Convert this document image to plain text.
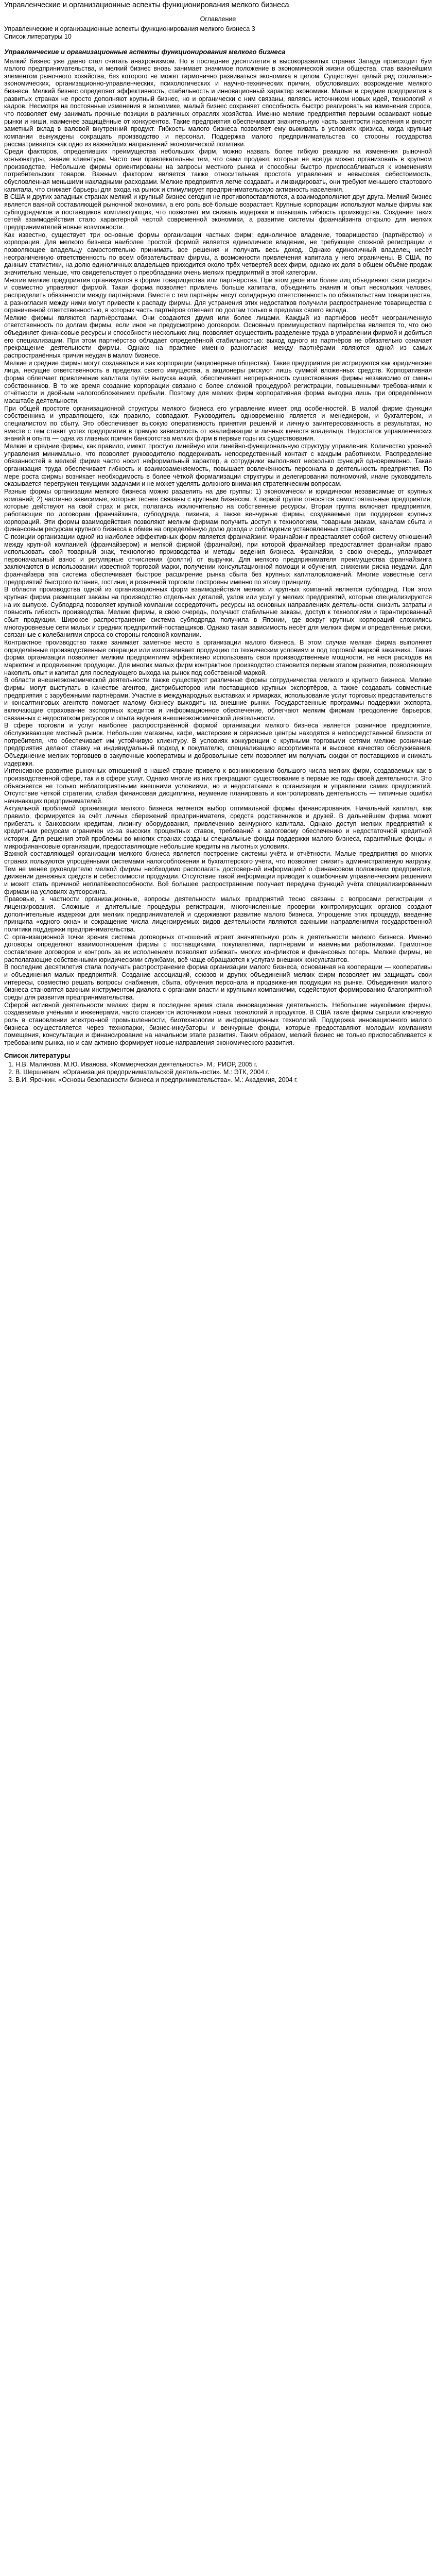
Управленческие и организационные аспекты функционирования мелкого бизнеса
Оглавление
Управленческие и организационные аспекты функционирования мелкого бизнеса 3
Список литературы 10
Управленческие и организационные аспекты функционирования мелкого бизнеса

Мелкий бизнес уже давно стал считать анахронизмом. Но в последние десятилетия в высокоразвитых странах Запада происходит бум малого предпринимательства, и мелкий бизнес вновь занимает значимое положение в экономической жизни общества, став важнейшим элементом рыночного хозяйства, без которого не может гармонично развиваться экономика в целом. Существует целый ряд социально-экономических, организационно-управленческих, психологических и научно-технических причин, обусловивших возрождение мелкого бизнеса. Мелкий бизнес определяет эффективность, стабильность и инновационный характер экономики. Малые и средние предприятия в развитых странах не просто дополняют крупный бизнес, но и органически с ним связаны, являясь источником новых идей, технологий и кадров. Несмотря на постоянные изменения в экономике, малый бизнес сохраняет способность быстро реагировать на изменения спроса, что позволяет ему занимать прочные позиции в различных отраслях хозяйства. Именно мелкие предприятия первыми осваивают новые рынки и ниши, наименее защищённые от конкурентов. Такие предприятия обеспечивают значительную часть занятости населения и вносят заметный вклад в валовой внутренний продукт. Гибкость малого бизнеса позволяет ему выживать в условиях кризиса, когда крупные компании вынуждены сокращать производство и персонал. Поддержка малого предпринимательства со стороны государства рассматривается как одно из важнейших направлений экономической политики.

Среди факторов, определивших преимущества небольших фирм, можно назвать более гибкую реакцию на изменения рыночной конъюнктуры, знание клиентуры. Часто они привлекательны тем, что сами продают, которые не всегда можно организовать в крупном производстве. Небольшие фирмы ориентированы на запросы местного рынка и способны быстро приспосабливаться к изменениям потребительских товаров. Важным фактором является также относительная простота управления и невысокая себестоимость, обусловленная меньшими накладными расходами. Мелкие предприятия легче создавать и ликвидировать, они требуют меньшего стартового капитала, что снижает барьеры для входа на рынок и стимулирует предпринимательскую активность населения.

В США и других западных странах мелкий и крупный бизнес сегодня не противопоставляются, а взаимодополняют друг друга. Мелкий бизнес является важной составляющей рыночной экономики, а его роль всё больше возрастает. Крупные корпорации используют малые фирмы как субподрядчиков и поставщиков комплектующих, что позволяет им снижать издержки и повышать гибкость производства. Создание таких сетей взаимодействия стало характерной чертой современной экономики, а развитие системы франчайзинга открыло для мелких предпринимателей новые возможности.

Как известно, существует три основные формы организации частных фирм: единоличное владение, товарищество (партнёрство) и корпорация. Для мелкого бизнеса наиболее простой формой является единоличное владение, не требующее сложной регистрации и позволяющее владельцу самостоятельно принимать все решения и получать весь доход. Однако единоличный владелец несёт неограниченную ответственность по всем обязательствам фирмы, а возможности привлечения капитала у него ограничены. В США, по данным статистики, на долю единоличных владельцев приходится около трёх четвертей всех фирм, однако их доля в общем объёме продаж значительно меньше, что свидетельствует о преобладании очень мелких предприятий в этой категории.

Многие мелкие предприятия организуются в форме товарищества или партнёрства. При этом двое или более лиц объединяют свои ресурсы и совместно управляют фирмой. Такая форма позволяет привлечь больше капитала, объединить знания и опыт нескольких человек, распределить обязанности между партнёрами. Вместе с тем партнёры несут солидарную ответственность по обязательствам товарищества, а разногласия между ними могут привести к распаду фирмы. Для устранения этих недостатков получили распространение товарищества с ограниченной ответственностью, в которых часть партнёров отвечает по долгам только в пределах своего вклада.

Мелкие фирмы являются партнёрствами. Они создаются двумя или более лицами. Каждый из партнёров несёт неограниченную ответственность по долгам фирмы, если иное не предусмотрено договором. Основным преимуществом партнёрства является то, что оно объединяет финансовые ресурсы и способности нескольких лиц, позволяет осуществить разделение труда в управлении фирмой и добиться его специализации. При этом партнёрство обладает определённой стабильностью: выход одного из партнёров не обязательно означает прекращение деятельности фирмы. Однако на практике именно разногласия между партнёрами являются одной из самых распространённых причин неудач в малом бизнесе.

Мелкие и средние фирмы могут создаваться и как корпорации (акционерные общества). Такие предприятия регистрируются как юридические лица, несущие ответственность в пределах своего имущества, а акционеры рискуют лишь суммой вложенных средств. Корпоративная форма облегчает привлечение капитала путём выпуска акций, обеспечивает непрерывность существования фирмы независимо от смены собственников. В то же время создание корпорации связано с более сложной процедурой регистрации, повышенными требованиями к отчётности и двойным налогообложением прибыли. Поэтому для мелких фирм корпоративная форма выгодна лишь при определённом масштабе деятельности.

При общей простоте организационной структуры мелкого бизнеса его управление имеет ряд особенностей. В малой фирме функции собственника и управляющего, как правило, совпадают. Руководитель одновременно является и менеджером, и бухгалтером, и специалистом по сбыту. Это обеспечивает высокую оперативность принятия решений и личную заинтересованность в результатах, но вместе с тем ставит успех предприятия в прямую зависимость от квалификации и личных качеств владельца. Недостаток управленческих знаний и опыта — одна из главных причин банкротства мелких фирм в первые годы их существования.

Мелкие и средние фирмы, как правило, имеют простую линейную или линейно-функциональную структуру управления. Количество уровней управления минимально, что позволяет руководителю поддерживать непосредственный контакт с каждым работником. Распределение обязанностей в мелкой фирме часто носит неформальный характер, а сотрудники выполняют несколько функций одновременно. Такая организация труда обеспечивает гибкость и взаимозаменяемость, повышает вовлечённость персонала в деятельность предприятия. По мере роста фирмы возникает необходимость в более чёткой формализации структуры и делегировании полномочий, иначе руководитель оказывается перегружен текущими задачами и не может уделять должного внимания стратегическим вопросам.

Разные формы организации мелкого бизнеса можно разделить на две группы: 1) экономически и юридически независимые от крупных компаний; 2) частично зависимые, которые теснее связаны с крупным бизнесом. К первой группе относятся самостоятельные предприятия, которые действуют на свой страх и риск, полагаясь исключительно на собственные ресурсы. Вторая группа включает предприятия, работающие по договорам франчайзинга, субподряда, лизинга, а также венчурные фирмы, создаваемые при поддержке крупных корпораций. Эти формы взаимодействия позволяют мелким фирмам получить доступ к технологиям, товарным знакам, каналам сбыта и финансовым ресурсам крупного бизнеса в обмен на определённую долю дохода и соблюдение установленных стандартов.

С позиции организации одной из наиболее эффективных форм является франчайзинг. Франчайзинг представляет собой систему отношений между крупной компанией (франчайзером) и мелкой фирмой (франчайзи), при которой франчайзер предоставляет франчайзи право использовать свой товарный знак, технологию производства и методы ведения бизнеса. Франчайзи, в свою очередь, уплачивает первоначальный взнос и регулярные отчисления (роялти) от выручки. Для мелкого предпринимателя преимущества франчайзинга заключаются в использовании известной торговой марки, получении консультационной помощи и обучения, снижении риска неудачи. Для франчайзера эта система обеспечивает быстрое расширение рынка сбыта без крупных капиталовложений. Многие известные сети предприятий быстрого питания, гостиниц и розничной торговли построены именно по этому принципу.

В области производства одной из организационных форм взаимодействия мелких и крупных компаний является субподряд. При этом крупная фирма размещает заказы на производство отдельных деталей, узлов или услуг у мелких предприятий, которые специализируются на их выпуске. Субподряд позволяет крупной компании сосредоточить ресурсы на основных направлениях деятельности, снизить затраты и повысить гибкость производства. Мелкие фирмы, в свою очередь, получают стабильные заказы, доступ к технологиям и гарантированный сбыт продукции. Широкое распространение система субподряда получила в Японии, где вокруг крупных корпораций сложились многоуровневые сети малых и средних предприятий-поставщиков. Однако такая зависимость несёт для мелких фирм и определённые риски, связанные с колебаниями спроса со стороны головной компании.

Контрактное производство также занимает заметное место в организации малого бизнеса. В этом случае мелкая фирма выполняет определённые производственные операции или изготавливает продукцию по техническим условиям и под торговой маркой заказчика. Такая форма организации позволяет мелким предприятиям эффективно использовать свои производственные мощности, не неся расходов на маркетинг и продвижение продукции. Для многих малых фирм контрактное производство становится первым этапом развития, позволяющим накопить опыт и капитал для последующего выхода на рынок под собственной маркой.

В области внешнеэкономической деятельности также существуют различные формы сотрудничества мелкого и крупного бизнеса. Мелкие фирмы могут выступать в качестве агентов, дистрибьюторов или поставщиков крупных экспортёров, а также создавать совместные предприятия с зарубежными партнёрами. Участие в международных выставках и ярмарках, использование услуг торговых представительств и консалтинговых агентств помогает малому бизнесу выходить на внешние рынки. Государственные программы поддержки экспорта, включающие страхование экспортных кредитов и информационное обеспечение, облегчают мелким фирмам преодоление барьеров, связанных с недостатком ресурсов и опыта ведения внешнеэкономической деятельности.

В сфере торговли и услуг наиболее распространённой формой организации мелкого бизнеса является розничное предприятие, обслуживающее местный рынок. Небольшие магазины, кафе, мастерские и сервисные центры находятся в непосредственной близости от потребителя, что обеспечивает им устойчивую клиентуру. В условиях конкуренции с крупными торговыми сетями мелкие розничные предприятия делают ставку на индивидуальный подход к покупателю, специализацию ассортимента и высокое качество обслуживания. Объединение мелких торговцев в закупочные кооперативы и добровольные сети позволяет им получать скидки от поставщиков и снижать издержки.

Интенсивное развитие рыночных отношений в нашей стране привело к возникновению большого числа мелких фирм, создаваемых как в производственной сфере, так и в сфере услуг. Однако многие из них прекращают существование в первые же годы своей деятельности. Это объясняется не только неблагоприятными внешними условиями, но и недостатками в организации и управлении самих предприятий. Отсутствие чёткой стратегии, слабая финансовая дисциплина, неумение планировать и контролировать деятельность — типичные ошибки начинающих предпринимателей.

Актуальной проблемой организации мелкого бизнеса является выбор оптимальной формы финансирования. Начальный капитал, как правило, формируется за счёт личных сбережений предпринимателя, средств родственников и друзей. В дальнейшем фирма может прибегать к банковским кредитам, лизингу оборудования, привлечению венчурного капитала. Однако доступ мелких предприятий к кредитным ресурсам ограничен из-за высоких процентных ставок, требований к залоговому обеспечению и недостаточной кредитной истории. Для решения этой проблемы во многих странах созданы специальные фонды поддержки малого бизнеса, гарантийные фонды и микрофинансовые организации, предоставляющие небольшие кредиты на льготных условиях.

Важной составляющей организации мелкого бизнеса является построение системы учёта и отчётности. Малые предприятия во многих странах пользуются упрощёнными системами налогообложения и бухгалтерского учёта, что позволяет снизить административную нагрузку. Тем не менее руководителю мелкой фирмы необходимо располагать достоверной информацией о финансовом положении предприятия, движении денежных средств и себестоимости продукции. Отсутствие такой информации приводит к ошибочным управленческим решениям и может стать причиной неплатёжеспособности. Всё большее распространение получает передача функций учёта специализированным фирмам на условиях аутсорсинга.

Правовые, в частности организационные, вопросы деятельности малых предприятий тесно связаны с вопросами регистрации и лицензирования. Сложные и длительные процедуры регистрации, многочисленные проверки контролирующих органов создают дополнительные издержки для мелких предпринимателей и сдерживают развитие малого бизнеса. Упрощение этих процедур, введение принципа «одного окна» и сокращение числа лицензируемых видов деятельности являются важными направлениями государственной политики поддержки предпринимательства.

С организационной точки зрения система договорных отношений играет значительную роль в деятельности мелкого бизнеса. Именно договоры определяют взаимоотношения фирмы с поставщиками, покупателями, партнёрами и наёмными работниками. Грамотное составление договоров и контроль за их исполнением позволяют избежать многих конфликтов и финансовых потерь. Мелкие фирмы, не располагающие собственными юридическими службами, всё чаще обращаются к услугам внешних консультантов.

В последние десятилетия стала получать распространение форма организации малого бизнеса, основанная на кооперации — кооперативы и объединения малых предприятий. Создание ассоциаций, союзов и других объединений мелких фирм позволяет им защищать свои интересы, совместно решать вопросы снабжения, сбыта, обучения персонала и продвижения продукции на рынке. Объединения малого бизнеса становятся важным инструментом диалога с органами власти и крупными компаниями, содействуют формированию благоприятной среды для развития предпринимательства.

Сферой активной деятельности мелких фирм в последнее время стала инновационная деятельность. Небольшие наукоёмкие фирмы, создаваемые учёными и инженерами, часто становятся источником новых технологий и продуктов. В США такие фирмы сыграли ключевую роль в становлении электронной промышленности, биотехнологии и информационных технологий. Поддержка инновационного малого бизнеса осуществляется через технопарки, бизнес-инкубаторы и венчурные фонды, которые предоставляют молодым компаниям помещения, консультации и финансирование на начальном этапе развития. Таким образом, мелкий бизнес не только приспосабливается к требованиям рынка, но и сам активно формирует новые направления экономического развития.

Список литературы
1. Н.В. Малинова, М.Ю. Иванова. «Коммерческая деятельность». М.: РИОР, 2005 г.
2. В. Шершневич. «Организация предпринимательской деятельности». М.: ЭТК, 2004 г.
3. В.И. Ярочкин. «Основы безопасности бизнеса и предпринимательства». М.: Академия, 2004 г.
